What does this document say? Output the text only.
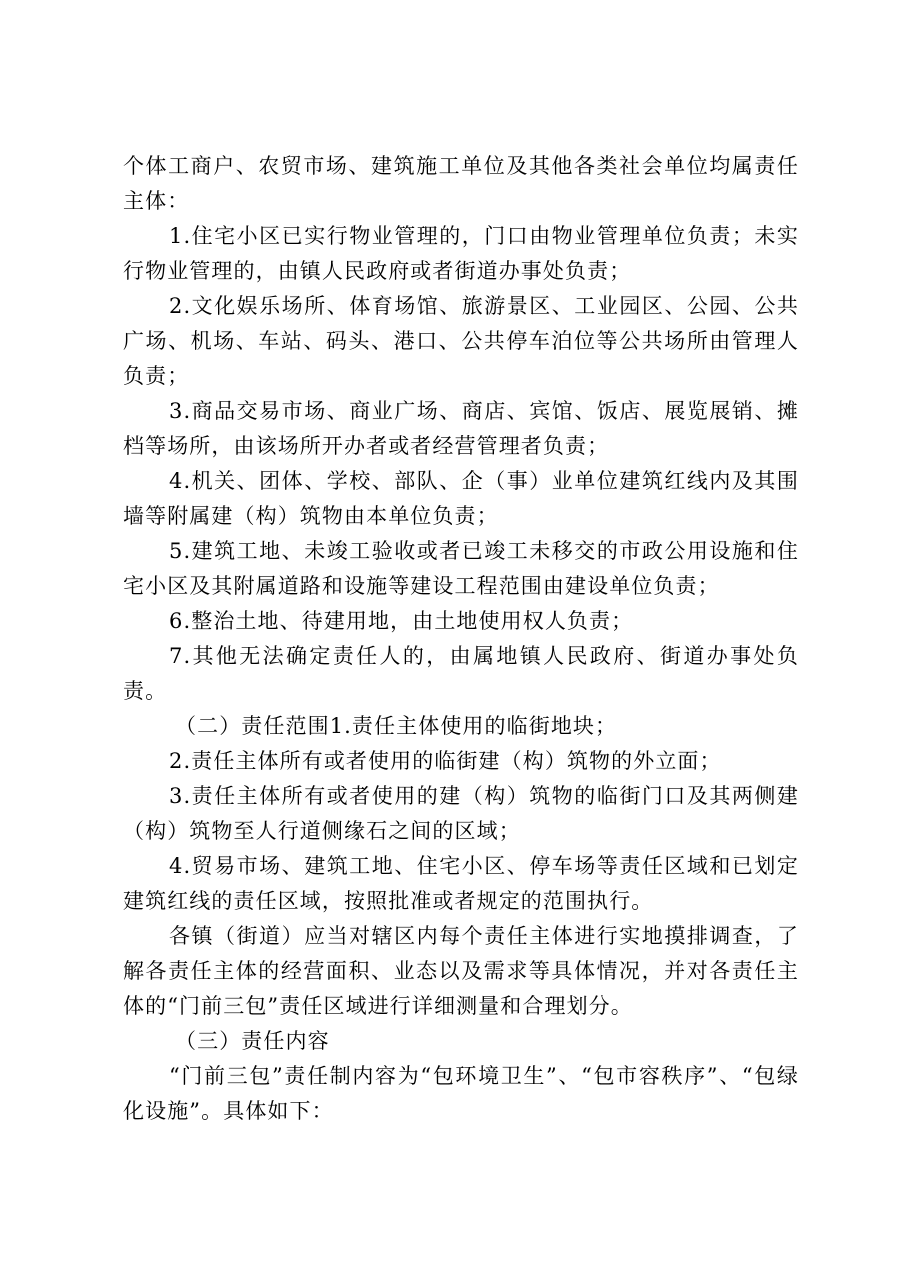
个体工商户、农贸市场、建筑施工单位及其他各类社会单位均属责任主体：

1.住宅小区已实行物业管理的，门口由物业管理单位负责；未实行物业管理的，由镇人民政府或者街道办事处负责；

2.文化娱乐场所、体育场馆、旅游景区、工业园区、公园、公共广场、机场、车站、码头、港口、公共停车泊位等公共场所由管理人负责；

3.商品交易市场、商业广场、商店、宾馆、饭店、展览展销、摊档等场所，由该场所开办者或者经营管理者负责；

4.机关、团体、学校、部队、企（事）业单位建筑红线内及其围墙等附属建（构）筑物由本单位负责；

5.建筑工地、未竣工验收或者已竣工未移交的市政公用设施和住宅小区及其附属道路和设施等建设工程范围由建设单位负责；

6.整治土地、待建用地，由土地使用权人负责；

7.其他无法确定责任人的，由属地镇人民政府、街道办事处负责。

（二）责任范围1.责任主体使用的临街地块；

2.责任主体所有或者使用的临街建（构）筑物的外立面；

3.责任主体所有或者使用的建（构）筑物的临街门口及其两侧建（构）筑物至人行道侧缘石之间的区域；

4.贸易市场、建筑工地、住宅小区、停车场等责任区域和已划定建筑红线的责任区域，按照批准或者规定的范围执行。

各镇（街道）应当对辖区内每个责任主体进行实地摸排调查，了解各责任主体的经营面积、业态以及需求等具体情况，并对各责任主体的“门前三包”责任区域进行详细测量和合理划分。

（三）责任内容

“门前三包”责任制内容为“包环境卫生”、“包市容秩序”、“包绿化设施”。具体如下：
